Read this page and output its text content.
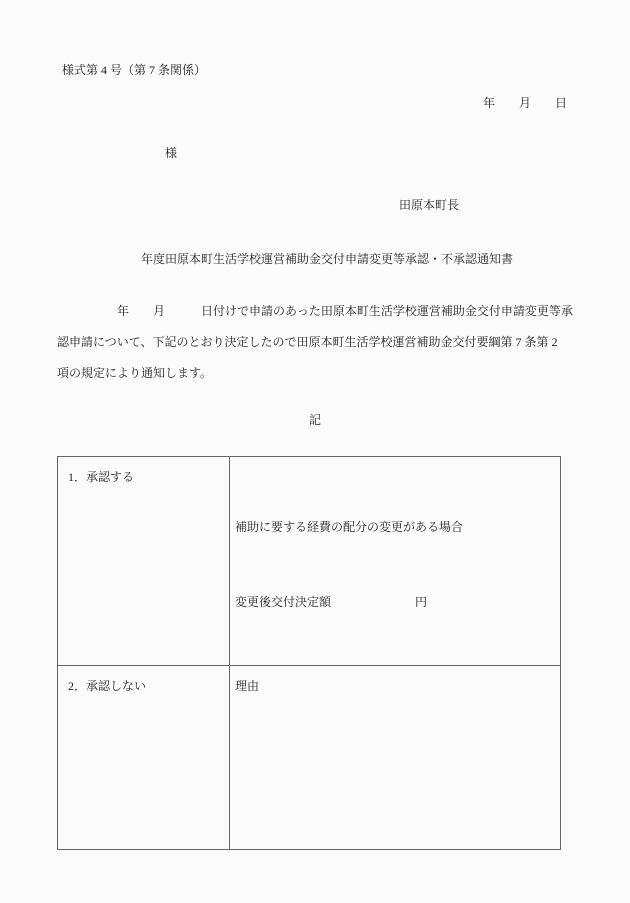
様式第 4 号（第 7 条関係）
年　　月　　日
様
田原本町長
　　年度田原本町生活学校運営補助金交付申請変更等承認・不承認通知書
　　　　　年　　月　　　日付けで申請のあった田原本町生活学校運営補助金交付申請変更等承
認申請について、下記のとおり決定したので田原本町生活学校運営補助金交付要綱第 7 条第 2
項の規定により通知します。
記
1．承認する	補助に要する経費の配分の変更がある場合

変更後交付決定額　　　　　　　円

2．承認しない	理由
